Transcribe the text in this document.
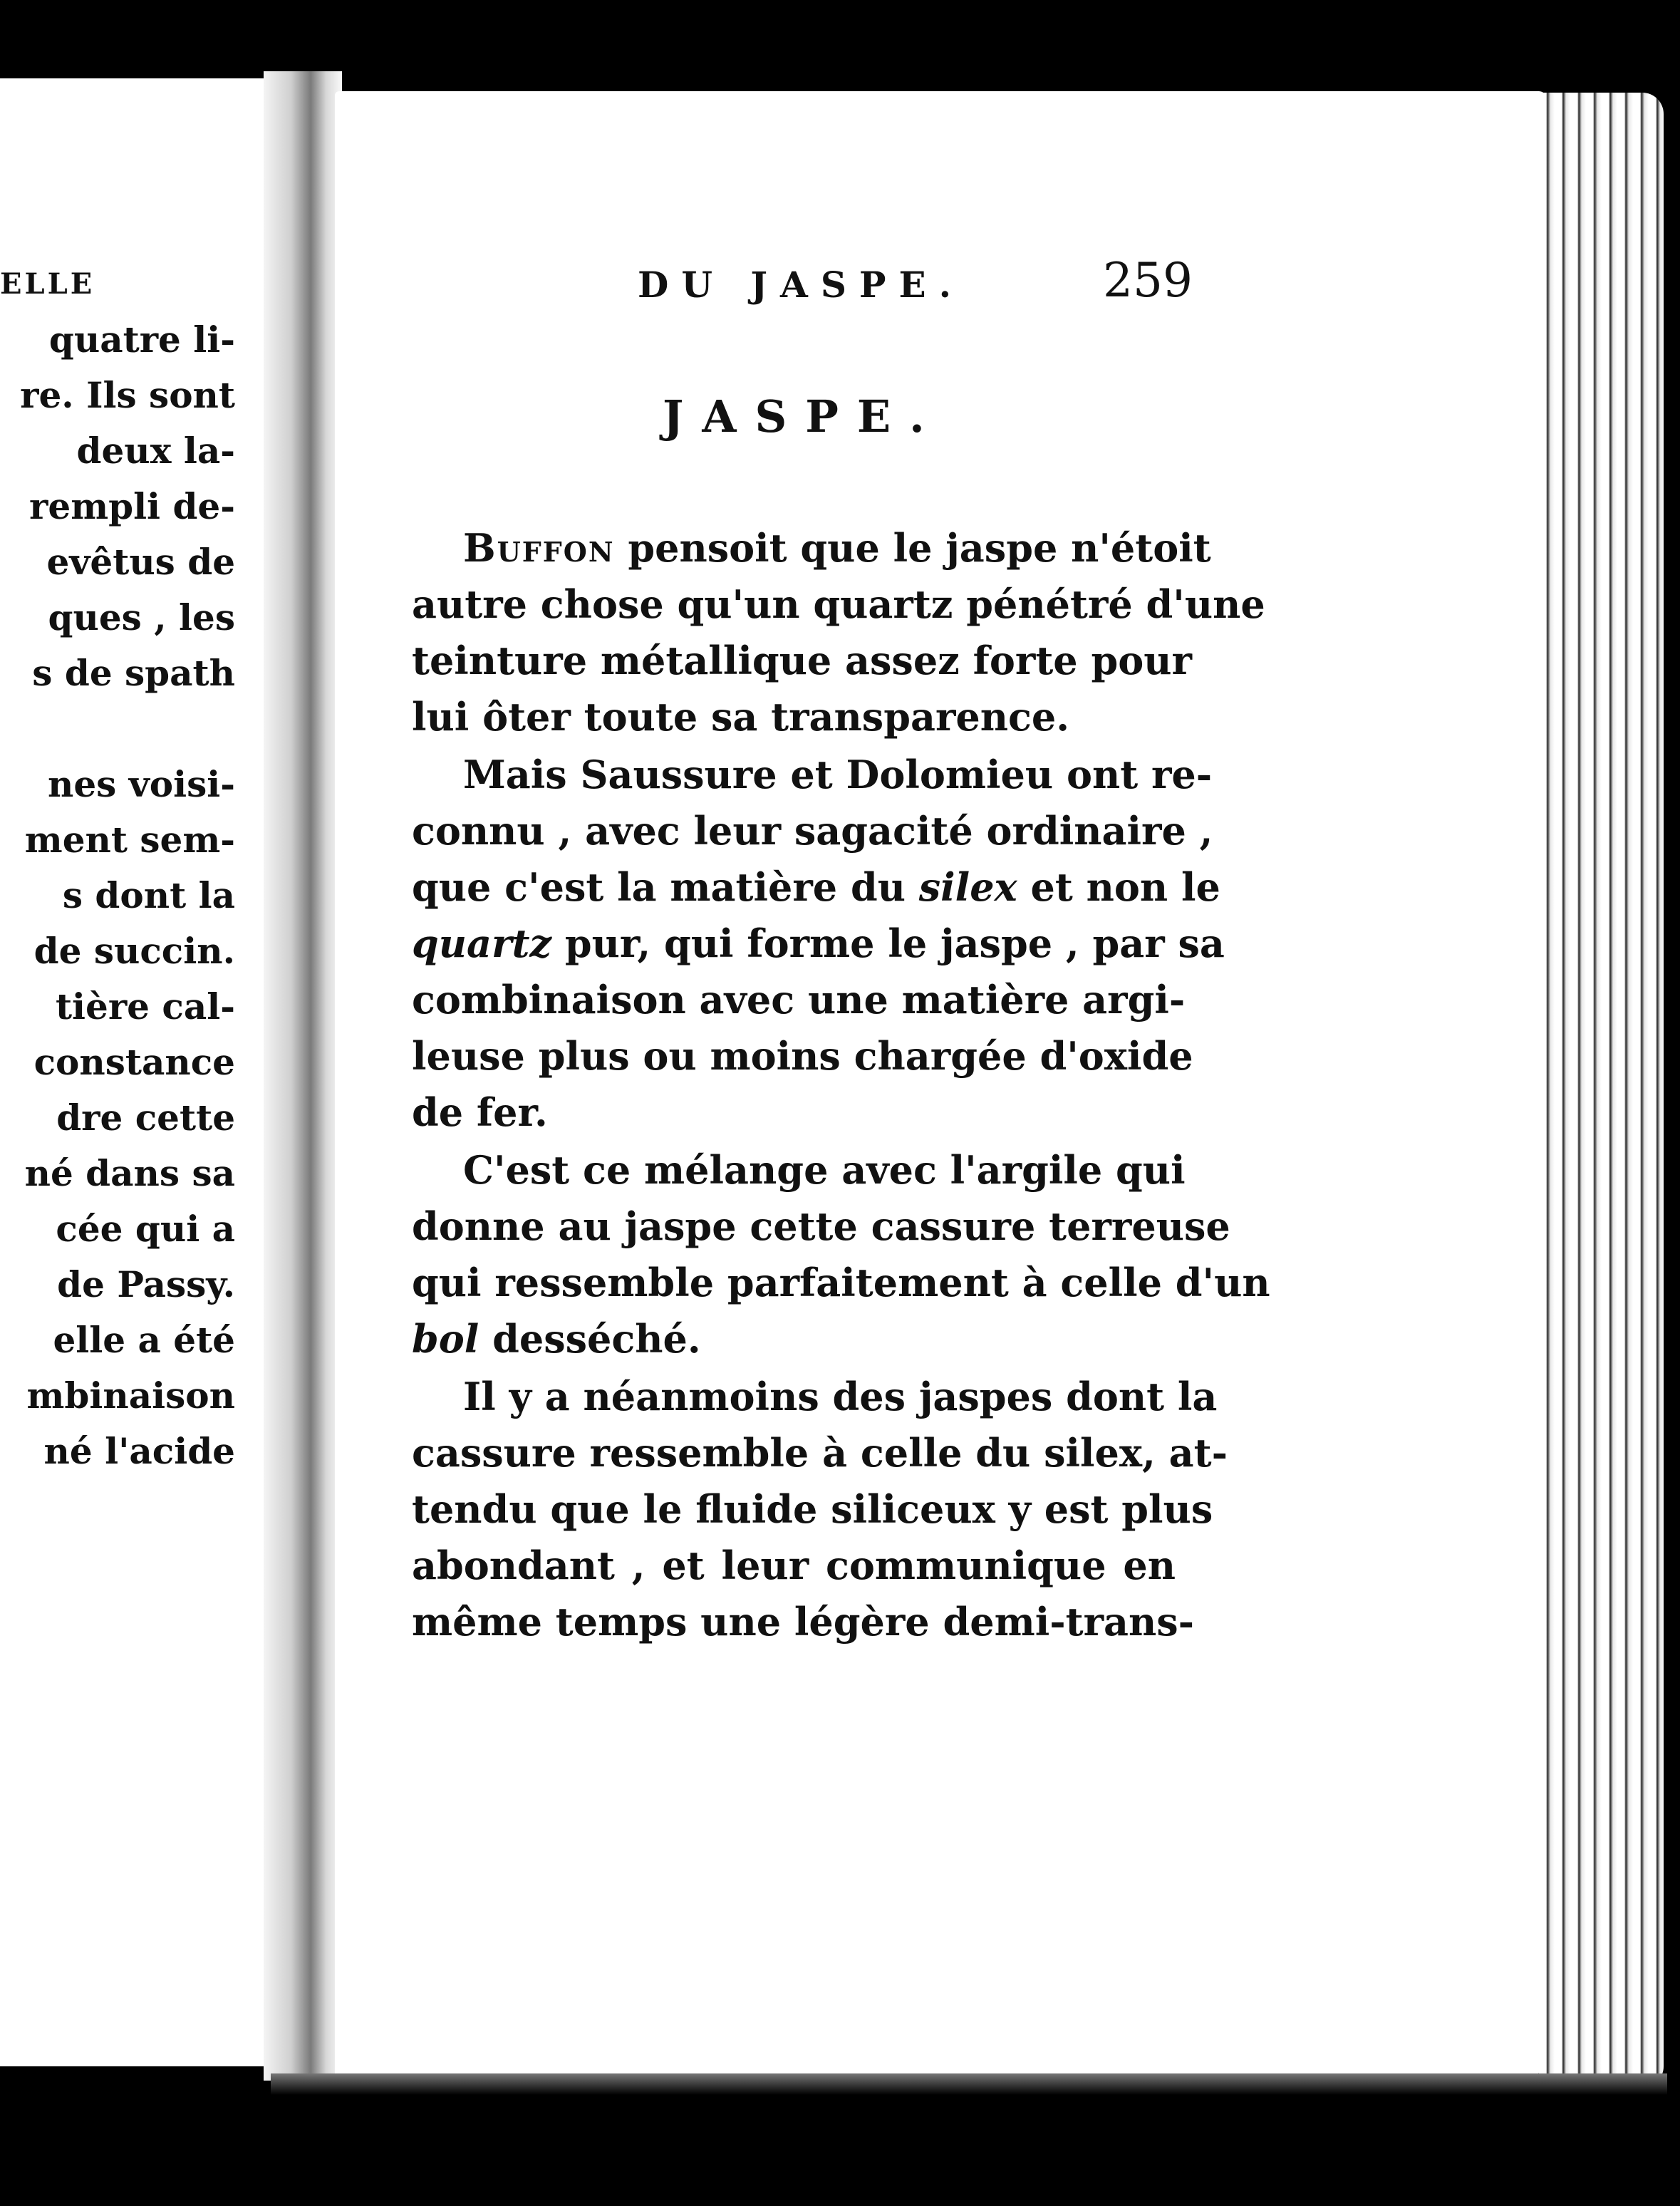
ELLE
quatre li-
re. Ils sont
deux la-
rempli de-
evêtus de
ques , les
s de spath
nes voisi-
ment sem-
s dont la
de succin.
tière cal-
constance
dre cette
né dans sa
cée qui a
de Passy.
elle a été
mbinaison
né l'acide
DU JASPE.	259
JASPE.
Buffon pensoit que le jaspe n'étoit
autre chose qu'un quartz pénétré d'une
teinture métallique assez forte pour
lui ôter toute sa transparence.
Mais Saussure et Dolomieu ont re-
connu , avec leur sagacité ordinaire ,
que c'est la matière du silex et non le
quartz pur, qui forme le jaspe , par sa
combinaison avec une matière argi-
leuse plus ou moins chargée d'oxide
de fer.
C'est ce mélange avec l'argile qui
donne au jaspe cette cassure terreuse
qui ressemble parfaitement à celle d'un
bol desséché.
Il y a néanmoins des jaspes dont la
cassure ressemble à celle du silex, at-
tendu que le fluide siliceux y est plus
abondant , et leur communique en
même temps une légère demi-trans-
